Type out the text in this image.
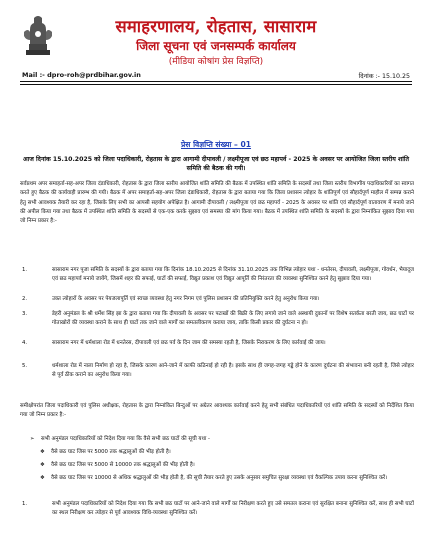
समाहरणालय, रोहतास, सासाराम
जिला सूचना एवं जनसम्पर्क कार्यालय
(मीडिया कोषांग प्रेस विज्ञप्ति)
Mail :- dpro-roh@prdbihar.gov.in	दिनांक :- 15.10.25
प्रेस विज्ञप्ति संख्या – 01
आज दिनांक 15.10.2025 को जिला पदाधिकारी, रोहतास के द्वारा आगामी दीपावली / लक्ष्मीपूजा एवं छठ महापर्व - 2025 के अवसर पर आयोजित जिला स्तरीय शांति समिति की बैठक की गयी।
सर्वप्रथम अपर समाहर्ता-सह-अपर जिला दंडाधिकारी, रोहतास के द्वारा जिला स्तरीय आयोजित शांति समिति की बैठक में उपस्थित शांति समिति के सदस्यों तथा जिला स्तरीय विभागीय पदाधिकारियों का स्वागत करते हुए बैठक की कार्यवाही प्रारम्भ की गयी। बैठक में अपर समाहर्ता-सह-अपर जिला दंडाधिकारी, रोहतास के द्वारा बताया गया कि जिला प्रशासन त्योहार के शांतिपूर्ण एवं सौहार्दपूर्ण माहौल में सम्पन्न कराने हेतु सभी आवश्यक तैयारी कर रहा है, जिसके लिए सभी का आपसी सहयोग अपेक्षित है। आगामी दीपावली / लक्ष्मीपूजा एवं छठ महापर्व - 2025 के अवसर पर शांति एवं सौहार्दपूर्ण वातावरण में मनाये जाने की अपील किया गया तथा बैठक में उपस्थित शांति समिति के सदस्यों से एक-एक करके सुझाव एवं समस्या की मांग किया गया। बैठक में उपस्थित शांति समिति के सदस्यों के द्वारा निम्नांकित सुझाव दिया गया जो निम्न प्रकार है:-
1.	सासाराम नगर पूजा समिति के सदस्यों के द्वारा बताया गया कि दिनांक 18.10.2025 से दिनांक 31.10.2025 तक विभिन्न त्योहार यथा - धनतेरस, दीपावली, लक्ष्मीपूजा, गोवर्धन, भैयादूज एवं छठ महापर्व मनाये जायेंगे, जिसमें शहर की सफाई, घाटों की सफाई, विद्युत प्रकाश एवं विद्युत आपूर्ति की निरंतरता की व्यवस्था सुनिश्चित करने हेतु सुझाव दिया गया।
2.	उक्त त्योहारों के अवसर पर पेयजलापूर्ति एवं स्वच्छ व्यवस्था हेतु नगर निगम एवं पुलिस प्रशासन की प्रतिनियुक्ति करने हेतु अनुरोध किया गया।
3.	डेहरी अनुमंडल के श्री धर्मेश सिंह झा के द्वारा बताया गया कि दीपावली के अवसर पर पटाखों की बिक्री के लिए लगाये जाने वाले अस्थायी दुकानों पर विशेष सतर्कता बरती जाय, छठ घाटों पर गोताखोरों की व्यवस्था कराने के साथ ही घाटों तक जाने वाले मार्गों का समतलीकरण कराया जाय, ताकि किसी प्रकार की दुर्घटना न हो।
4.	सासाराम नगर में धर्मशाला रोड में धनतेरस, दीपावली एवं छठ पर्व के दिन जाम की समस्या रहती है, जिसके निराकरण के लिए कार्रवाई की जाय।
5.	धर्मशाला रोड में नाला निर्माण हो रहा है, जिसके कारण आने-जाने में काफी कठिनाई हो रही है। इसके साथ ही जगह-जगह गड्ढे होने के कारण दुर्घटना की संभावना बनी रहती है, जिसे त्योहार से पूर्व ठीक कराने का अनुरोध किया गया।
समीक्षोपरांत जिला पदाधिकारी एवं पुलिस अधीक्षक, रोहतास के द्वारा निम्नांकित बिन्दुओं पर अग्रेतर आवश्यक कार्रवाई करने हेतु सभी संबंधित पदाधिकारियों एवं शांति समिति के सदस्यों को निर्देशित किया गया जो निम्न प्रकार है:-
➢ सभी अनुमंडल पदाधिकारियों को निदेश दिया गया कि वैसे सभी छठ घाटों की सूची यथा -
❖ वैसे छठ घाट जिस पर 5000 तक श्रद्धालुओं की भीड़ होती है।
❖ वैसे छठ घाट जिस पर 5000 से 10000 तक श्रद्धालुओं की भीड़ होती है।
❖ वैसे छठ घाट जिस पर 10000 से अधिक श्रद्धालुओं की भीड़ होती है, की सूची तैयार करते हुए उसके अनुसार समुचित सुरक्षा व्यवस्था एवं वैकल्पिक उपाय करना सुनिश्चित करें।
1.	सभी अनुमंडल पदाधिकारियों को निदेश दिया गया कि सभी छठ घाटों पर आने-जाने वाले मार्गों का निरीक्षण करते हुए उसे समतल कराना एवं सुरक्षित बनाना सुनिश्चित करें, साथ ही सभी घाटों का स्थल निरीक्षण कर त्योहार से पूर्व आवश्यक विधि-व्यवस्था सुनिश्चित करें।
